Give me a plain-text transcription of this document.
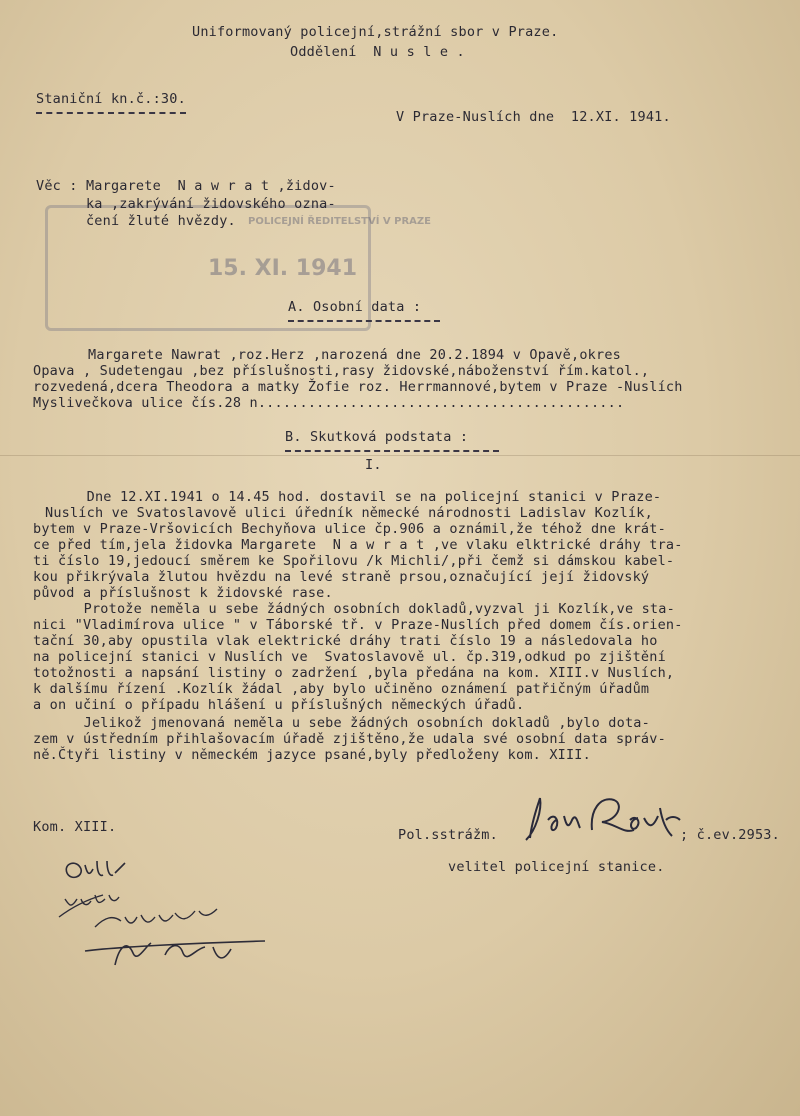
Uniformovaný policejní,strážní sbor v Praze.
Oddělení  N u s l e .
Staniční kn.č.:30.
V Praze-Nuslích dne  12.XI. 1941.
POLICEJNÍ ŘEDITELSTVÍ V PRAZE
15. XI. 1941
Věc : Margarete  N a w r a t ,židov-
ka ,zakrývání židovského ozna-
čení žluté hvězdy.
A. Osobní data :
Margarete Nawrat ,roz.Herz ,narozená dne 20.2.1894 v Opavě,okres
Opava , Sudetengau ,bez příslušnosti,rasy židovské,náboženství řím.katol.,
rozvedená,dcera Theodora a matky Žofie roz. Herrmannové,bytem v Praze -Nuslích
Myslivečkova ulice čís.28 n............................................
B. Skutková podstata :
I.
Dne 12.XI.1941 o 14.45 hod. dostavil se na policejní stanici v Praze-
Nuslích ve Svatoslavově ulici úředník německé národnosti Ladislav Kozlík,
bytem v Praze-Vršovicích Bechyňova ulice čp.906 a oznámil,že téhož dne krát-
ce před tím,jela židovka Margarete  N a w r a t ,ve vlaku elktrické dráhy tra-
ti číslo 19,jedoucí směrem ke Spořilovu /k Michli/,při čemž si dámskou kabel-
kou přikrývala žlutou hvězdu na levé straně prsou,označující její židovský
původ a příslušnost k židovské rase.
Protože neměla u sebe žádných osobních dokladů,vyzval ji Kozlík,ve sta-
nici "Vladimírova ulice " v Táborské tř. v Praze-Nuslích před domem čís.orien-
tační 30,aby opustila vlak elektrické dráhy trati číslo 19 a následovala ho
na policejní stanici v Nuslích ve  Svatoslavově ul. čp.319,odkud po zjištění
totožnosti a napsání listiny o zadržení ,byla předána na kom. XIII.v Nuslích,
k dalšímu řízení .Kozlík žádal ,aby bylo učiněno oznámení patřičným úřadům
a on učiní o případu hlášení u příslušných německých úřadů.
Jelikož jmenovaná neměla u sebe žádných osobních dokladů ,bylo dota-
zem v ústředním přihlašovacím úřadě zjištěno,že udala své osobní data správ-
ně.Čtyři listiny v německém jazyce psané,byly předloženy kom. XIII.
Kom. XIII.	Pol.sstrážm.	; č.ev.2953.
velitel policejní stanice.
